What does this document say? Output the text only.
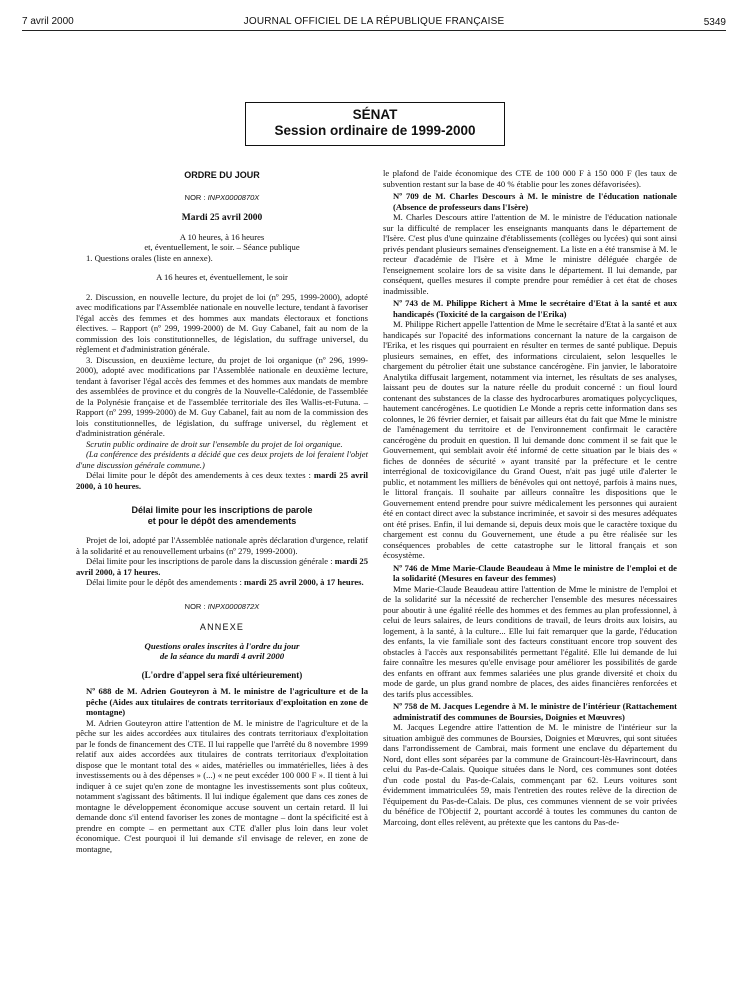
7 avril 2000	JOURNAL OFFICIEL DE LA RÉPUBLIQUE FRANÇAISE	5349
SÉNAT
Session ordinaire de 1999-2000

ORDRE DU JOUR

NOR : INPX0000870X

Mardi 25 avril 2000

A 10 heures, à 16 heures

et, éventuellement, le soir. – Séance publique

1. Questions orales (liste en annexe).

A 16 heures et, éventuellement, le soir

2. Discussion, en nouvelle lecture, du projet de loi (nº 295, 1999-2000), adopté avec modifications par l'Assemblée nationale en nouvelle lecture, tendant à favoriser l'égal accès des femmes et des hommes aux mandats électoraux et fonctions électives. – Rapport (nº 299, 1999-2000) de M. Guy Cabanel, fait au nom de la commission des lois constitutionnelles, de législation, du suffrage universel, du règlement et d'administration générale.

3. Discussion, en deuxième lecture, du projet de loi organique (nº 296, 1999-2000), adopté avec modifications par l'Assemblée nationale en deuxième lecture, tendant à favoriser l'égal accès des femmes et des hommes aux mandats de membre des assemblées de province et du congrès de la Nouvelle-Calédonie, de l'assemblée de la Polynésie française et de l'assemblée territoriale des îles Wallis-et-Futuna. – Rapport (nº 299, 1999-2000) de M. Guy Cabanel, fait au nom de la commission des lois constitutionnelles, de législation, du suffrage universel, du règlement et d'administration générale.

Scrutin public ordinaire de droit sur l'ensemble du projet de loi organique.

(La conférence des présidents a décidé que ces deux projets de loi feraient l'objet d'une discussion générale commune.)

Délai limite pour le dépôt des amendements à ces deux textes : mardi 25 avril 2000, à 10 heures.

Délai limite pour les inscriptions de parole
et pour le dépôt des amendements

Projet de loi, adopté par l'Assemblée nationale après déclaration d'urgence, relatif à la solidarité et au renouvellement urbains (nº 279, 1999-2000).

Délai limite pour les inscriptions de parole dans la discussion générale : mardi 25 avril 2000, à 17 heures.

Délai limite pour le dépôt des amendements : mardi 25 avril 2000, à 17 heures.

NOR : INPX0000872X

ANNEXE

Questions orales inscrites à l'ordre du jour
de la séance du mardi 4 avril 2000

(L'ordre d'appel sera fixé ultérieurement)

Nº 688 de M. Adrien Gouteyron à M. le ministre de l'agriculture et de la pêche (Aides aux titulaires de contrats territoriaux d'exploitation en zone de montagne)

M. Adrien Gouteyron attire l'attention de M. le ministre de l'agriculture et de la pêche sur les aides accordées aux titulaires des contrats territoriaux d'exploitation par le fonds de financement des CTE. Il lui rappelle que l'arrêté du 8 novembre 1999 relatif aux aides accordées aux titulaires de contrats territoriaux d'exploitation dispose que le montant total des « aides, matérielles ou immatérielles, liées à des investissements ou à des dépenses » (...) « ne peut excéder 100 000 F ». Il tient à lui indiquer à ce sujet qu'en zone de montagne les investissements sont plus coûteux, notamment s'agissant des bâtiments. Il lui indique également que dans ces zones de montagne le développement économique accuse souvent un certain retard. Il lui demande donc s'il entend favoriser les zones de montagne – dont la spécificité est à prendre en compte – en permettant aux CTE d'aller plus loin dans leur volet économique. C'est pourquoi il lui demande s'il envisage de relever, en zone de montagne,

le plafond de l'aide économique des CTE de 100 000 F à 150 000 F (les taux de subvention restant sur la base de 40 % établie pour les zones défavorisées).

Nº 709 de M. Charles Descours à M. le ministre de l'éducation nationale (Absence de professeurs dans l'Isère)

M. Charles Descours attire l'attention de M. le ministre de l'éducation nationale sur la difficulté de remplacer les enseignants manquants dans le département de l'Isère. C'est plus d'une quinzaine d'établissements (collèges ou lycées) qui sont ainsi privés pendant plusieurs semaines d'enseignement. La liste en a été transmise à M. le recteur d'académie de l'Isère et à Mme le ministre déléguée chargée de l'enseignement scolaire lors de sa visite dans le département. Il lui demande, par conséquent, quelles mesures il compte prendre pour remédier à cet état de choses inadmissible.

Nº 743 de M. Philippe Richert à Mme le secrétaire d'Etat à la santé et aux handicapés (Toxicité de la cargaison de l'Erika)

M. Philippe Richert appelle l'attention de Mme le secrétaire d'Etat à la santé et aux handicapés sur l'opacité des informations concernant la nature de la cargaison de l'Erika, et les risques qui pourraient en résulter en termes de santé publique. Depuis plusieurs semaines, en effet, des informations circulaient, selon lesquelles le chargement du pétrolier était une substance cancérogène. Fin janvier, le laboratoire Analytika diffusait largement, notamment via internet, les résultats de ses analyses, laissant peu de doutes sur la nature réelle du produit concerné : un fioul lourd contenant des substances de la classe des hydrocarbures aromatiques polycycliques, hautement cancérogènes. Le quotidien Le Monde a repris cette information dans ses colonnes, le 26 février dernier, et faisait par ailleurs état du fait que Mme le ministre de l'aménagement du territoire et de l'environnement confirmait le caractère cancérogène du produit en question. Il lui demande donc comment il se fait que le Gouvernement, qui semblait avoir été informé de cette situation par le biais des « fiches de données de sécurité » ayant transité par la préfecture et le centre interrégional de toxicovigilance du Grand Ouest, n'ait pas jugé utile d'alerter le public, et notamment les milliers de bénévoles qui ont nettoyé, parfois à mains nues, le littoral français. Il souhaite par ailleurs connaître les dispositions que le Gouvernement entend prendre pour suivre médicalement les personnes qui auraient été en contact direct avec la substance incriminée, et savoir si des mesures adéquates ont été prises. Enfin, il lui demande si, depuis deux mois que le caractère toxique du chargement est connu du Gouvernement, une étude a pu être réalisée sur les conséquences probables de cette catastrophe sur le littoral français et son écosystème.

Nº 746 de Mme Marie-Claude Beaudeau à Mme le ministre de l'emploi et de la solidarité (Mesures en faveur des femmes)

Mme Marie-Claude Beaudeau attire l'attention de Mme le ministre de l'emploi et de la solidarité sur la nécessité de rechercher l'ensemble des mesures nécessaires pour aboutir à une égalité réelle des hommes et des femmes au plan professionnel, à celui de leurs salaires, de leurs conditions de travail, de leurs droits aux loisirs, au logement, à la santé, à la culture... Elle lui fait remarquer que la garde, l'éducation des enfants, la vie familiale sont des facteurs constituant encore trop souvent des obstacles à l'accès aux responsabilités permettant l'égalité. Elle lui demande de lui faire connaître les mesures qu'elle envisage pour améliorer les possibilités de garde des enfants en offrant aux femmes salariées une plus grande diversité et choix du mode de garde, un plus grand nombre de places, des aides financières renforcées et des tarifs plus accessibles.

Nº 758 de M. Jacques Legendre à M. le ministre de l'intérieur (Rattachement administratif des communes de Boursies, Doignies et Mœuvres)

M. Jacques Legendre attire l'attention de M. le ministre de l'intérieur sur la situation ambiguë des communes de Boursies, Doignies et Mœuvres, qui sont situées dans l'arrondissement de Cambrai, mais forment une enclave du département du Nord, dont elles sont séparées par la commune de Graincourt-lès-Havrincourt, dans celui du Pas-de-Calais. Quoique situées dans le Nord, ces communes sont dotées d'un code postal du Pas-de-Calais, commençant par 62. Leurs voitures sont évidemment immatriculées 59, mais l'entretien des routes relève de la direction de l'équipement du Pas-de-Calais. De plus, ces communes viennent de se voir privées du bénéfice de l'Objectif 2, pourtant accordé à toutes les communes du canton de Marcoing, dont elles relèvent, au prétexte que les cantons du Pas-de-
